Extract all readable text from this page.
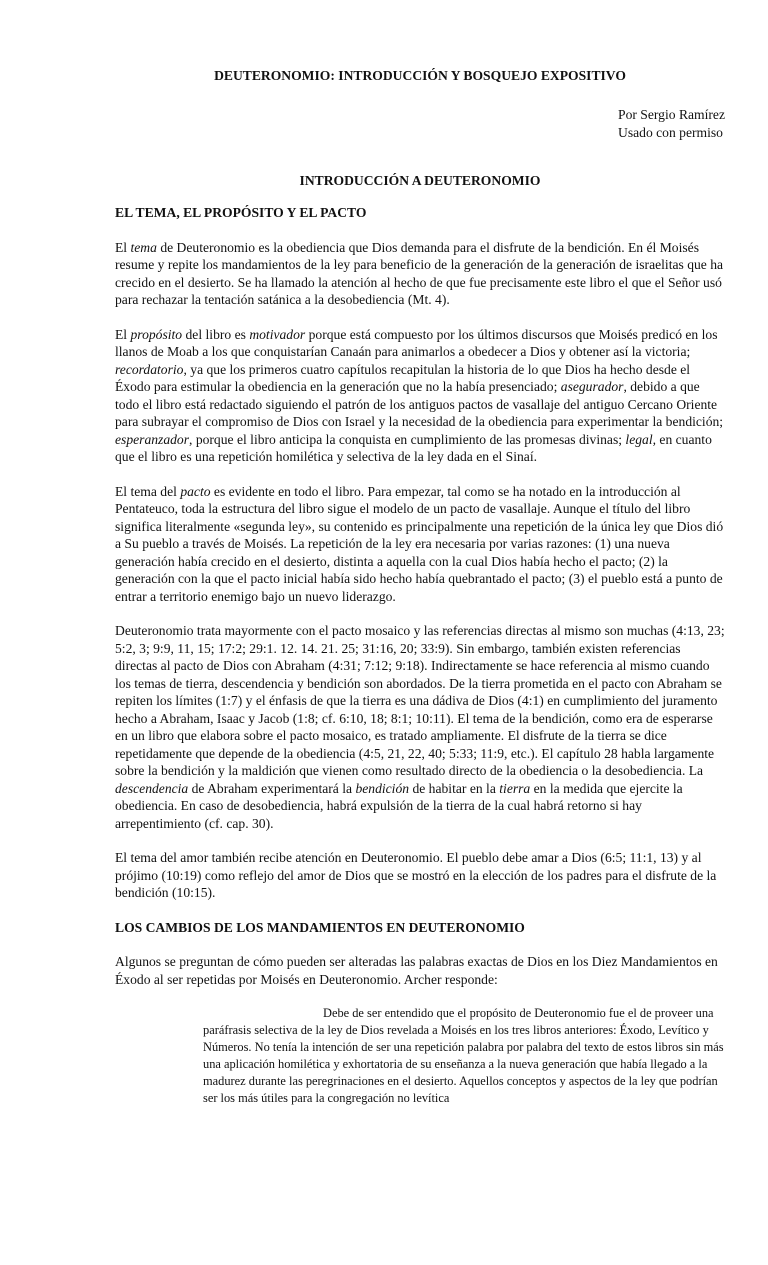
DEUTERONOMIO: INTRODUCCIÓN Y BOSQUEJO EXPOSITIVO
Por Sergio Ramírez
Usado con permiso
INTRODUCCIÓN A DEUTERONOMIO
EL TEMA, EL PROPÓSITO Y EL PACTO

El tema de Deuteronomio es la obediencia que Dios demanda para el disfrute de la bendición. En él Moisés resume y repite los mandamientos de la ley para beneficio de la generación de la generación de israelitas que ha crecido en el desierto. Se ha llamado la atención al hecho de que fue precisamente este libro el que el Señor usó para rechazar la tentación satánica a la desobediencia (Mt. 4).

El propósito del libro es motivador porque está compuesto por los últimos discursos que Moisés predicó en los llanos de Moab a los que conquistarían Canaán para animarlos a obedecer a Dios y obtener así la victoria; recordatorio, ya que los primeros cuatro capítulos recapitulan la historia de lo que Dios ha hecho desde el Éxodo para estimular la obediencia en la generación que no la había presenciado; asegurador, debido a que todo el libro está redactado siguiendo el patrón de los antiguos pactos de vasallaje del antiguo Cercano Oriente para subrayar el compromiso de Dios con Israel y la necesidad de la obediencia para experimentar la bendición; esperanzador, porque el libro anticipa la conquista en cumplimiento de las promesas divinas; legal, en cuanto que el libro es una repetición homilética y selectiva de la ley dada en el Sinaí.

El tema del pacto es evidente en todo el libro. Para empezar, tal como se ha notado en la introducción al Pentateuco, toda la estructura del libro sigue el modelo de un pacto de vasallaje. Aunque el título del libro significa literalmente «segunda ley», su contenido es principalmente una repetición de la única ley que Dios dió a Su pueblo a través de Moisés. La repetición de la ley era necesaria por varias razones: (1) una nueva generación había crecido en el desierto, distinta a aquella con la cual Dios había hecho el pacto; (2) la generación con la que el pacto inicial había sido hecho había quebrantado el pacto; (3) el pueblo está a punto de entrar a territorio enemigo bajo un nuevo liderazgo.

Deuteronomio trata mayormente con el pacto mosaico y las referencias directas al mismo son muchas (4:13, 23; 5:2, 3; 9:9, 11, 15; 17:2; 29:1. 12. 14. 21. 25; 31:16, 20; 33:9). Sin embargo, también existen referencias directas al pacto de Dios con Abraham (4:31; 7:12; 9:18). Indirectamente se hace referencia al mismo cuando los temas de tierra, descendencia y bendición son abordados. De la tierra prometida en el pacto con Abraham se repiten los límites (1:7) y el énfasis de que la tierra es una dádiva de Dios (4:1) en cumplimiento del juramento hecho a Abraham, Isaac y Jacob (1:8; cf. 6:10, 18; 8:1; 10:11). El tema de la bendición, como era de esperarse en un libro que elabora sobre el pacto mosaico, es tratado ampliamente. El disfrute de la tierra se dice repetidamente que depende de la obediencia (4:5, 21, 22, 40; 5:33; 11:9, etc.). El capítulo 28 habla largamente sobre la bendición y la maldición que vienen como resultado directo de la obediencia o la desobediencia. La descendencia de Abraham experimentará la bendición de habitar en la tierra en la medida que ejercite la obediencia. En caso de desobediencia, habrá expulsión de la tierra de la cual habrá retorno si hay arrepentimiento (cf. cap. 30).

El tema del amor también recibe atención en Deuteronomio. El pueblo debe amar a Dios (6:5; 11:1, 13) y al prójimo (10:19) como reflejo del amor de Dios que se mostró en la elección de los padres para el disfrute de la bendición (10:15).

LOS CAMBIOS DE LOS MANDAMIENTOS EN DEUTERONOMIO

Algunos se preguntan de cómo pueden ser alteradas las palabras exactas de Dios en los Diez Mandamientos en Éxodo al ser repetidas por Moisés en Deuteronomio. Archer responde:

Debe de ser entendido que el propósito de Deuteronomio fue el de proveer una paráfrasis selectiva de la ley de Dios revelada a Moisés en los tres libros anteriores: Éxodo, Levítico y Números. No tenía la intención de ser una repetición palabra por palabra del texto de estos libros sin más una aplicación homilética y exhortatoria de su enseñanza a la nueva generación que había llegado a la madurez durante las peregrinaciones en el desierto. Aquellos conceptos y aspectos de la ley que podrían ser los más útiles para la congregación no levítica
